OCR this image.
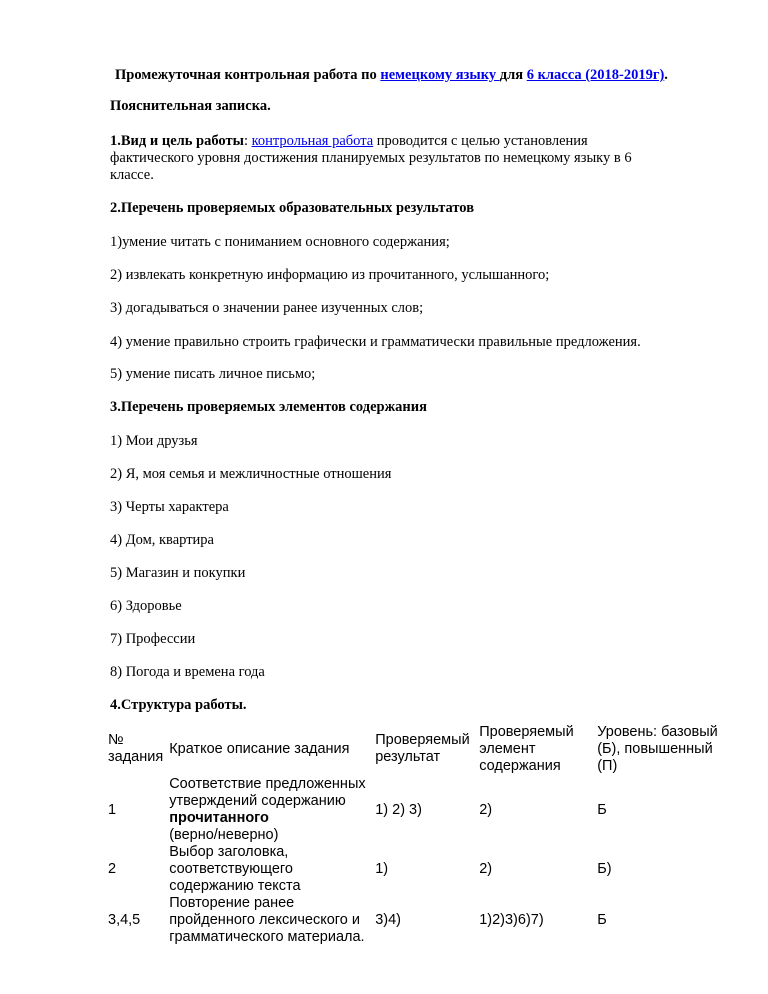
Промежуточная контрольная работа по немецкому языку для 6 класса (2018-2019г).

Пояснительная записка.

1.Вид и цель работы: контрольная работа проводится с целью установления

фактического уровня достижения планируемых результатов по немецкому языку в 6

классе.

2.Перечень проверяемых образовательных результатов

1)умение читать с пониманием основного содержания;

2) извлекать конкретную информацию из прочитанного, услышанного;

3) догадываться о значении ранее изученных слов;

4) умение правильно строить графически и грамматически правильные предложения.

5) умение писать личное письмо;

3.Перечень проверяемых элементов содержания

1) Мои друзья

2) Я, моя семья и межличностные отношения

3) Черты характера

4) Дом, квартира

5) Магазин и покупки

6) Здоровье

7) Профессии

8) Погода и времена года

4.Структура работы.

№
задания	Краткое описание задания	Проверяемый
результат	Проверяемый
элемент
содержания	Уровень: базовый
(Б), повышенный
(П)
1	Соответствие предложенных
утверждений содержанию
прочитанного
(верно/неверно)	1) 2) 3)	2)	Б
2	Выбор заголовка,
соответствующего
содержанию текста	1)	2)	Б)
3,4,5	Повторение ранее
пройденного лексического и
грамматического материала.	3)4)	1)2)3)6)7)	Б
